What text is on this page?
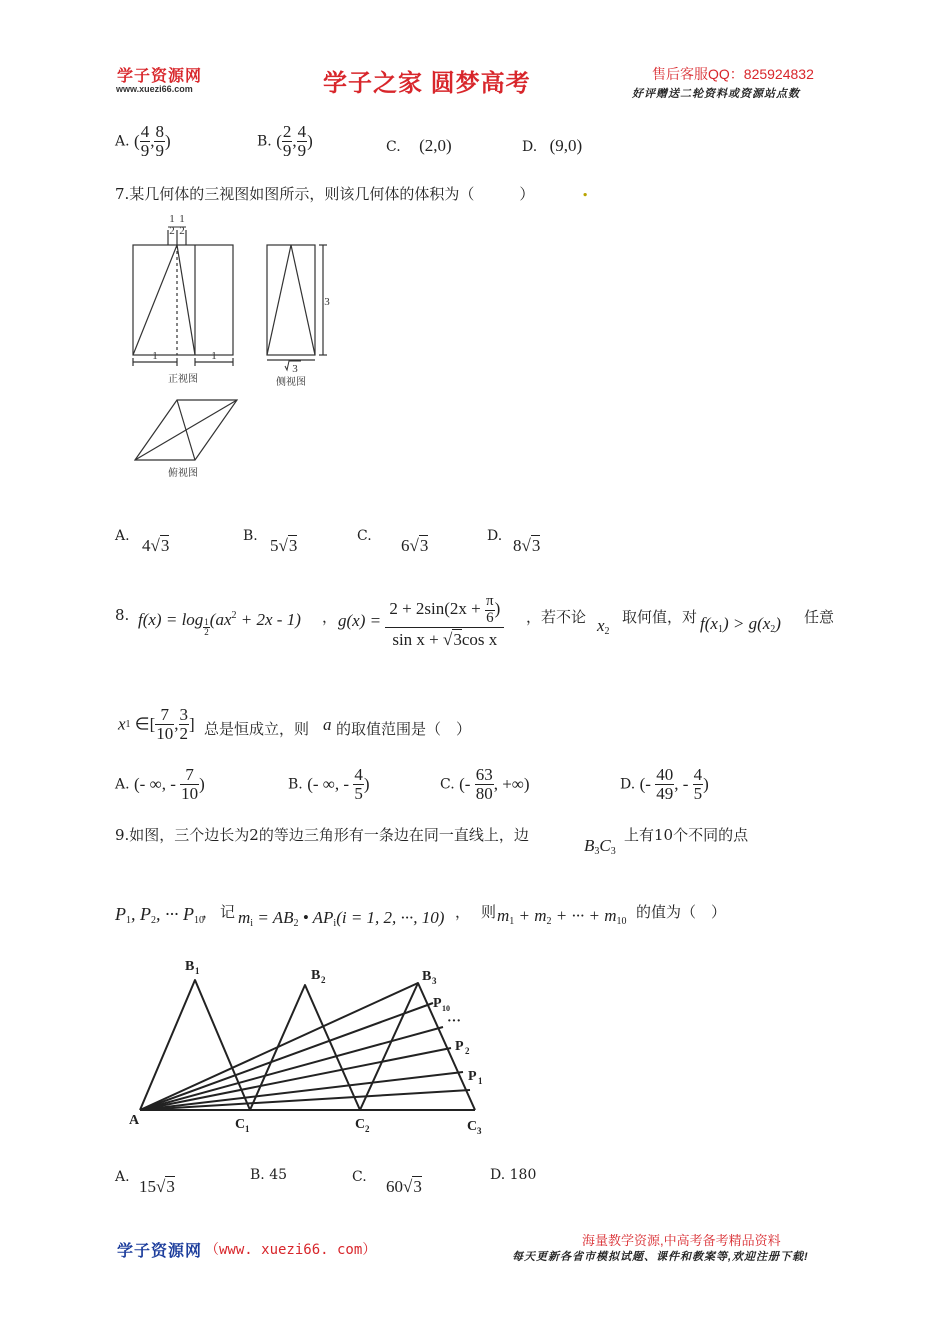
学子资源网
www.xuezi66.com	学子之家 圆梦高考	售后客服QQ：825924832
好评赠送二轮资料或资源站点数
A. ( $\frac{4}{9}$ , $\frac{8}{9}$ )	B. ( $\frac{2}{9}$ , $\frac{4}{9}$ )	C. (2,0)	D. (9,0)
7.某几何体的三视图如图所示，则该几何体的体积为（　　　）	.
1
2
1
2
1	1
3
3
正视图	侧视图
俯视图
A. 4√3	B. 5√3	C. 6√3	D. 8√3
8. $f(x) = \log \frac{1}{2} (ax^2 + 2x - 1)$ ， $g(x) = \frac{2 + 2\sin(2x + \frac{\pi}{6} )}{\text{sin x + √3cos x}}$ ，若不论 $x_2$
取何值，对 $f(x_1) > g(x_2)$ 任意
x1 ∈[ $\frac{7}{10}$ , $\frac{3}{2}$ ] 总是恒成立，则 a 的取值范围是（　）
A. (- ∞, - $\frac{7}{10}$ )	B. (- ∞, - $\frac{4}{5}$ )	C. (- $\frac{63}{80}$ , +∞)	D. (- $\frac{40}{49}$ , - $\frac{4}{5}$ )
9.如图，三个边长为2的等边三角形有一条边在同一直线上，边
$B_3C_3$
上有10个不同的点
$P_1$, $P_2$, ··· $P_{10}$
， 记 $m_i = AB_2$ • $AP_i(i = 1$, 2, ···, 10) ， 则 $m_1 + m_2$ + ··· + $m_{10}$
的值为（　）
A
B 1	B 2	B 3
C 1	C 2	C 3
P 10
···
P 2
P 1
A. 15√3
B. 45	C. 60√3
D. 180
学子资源网 （www. xuezi66. com）
海量教学资源,中高考备考精品资料
每天更新各省市模拟试题、课件和教案等,欢迎注册下载!
